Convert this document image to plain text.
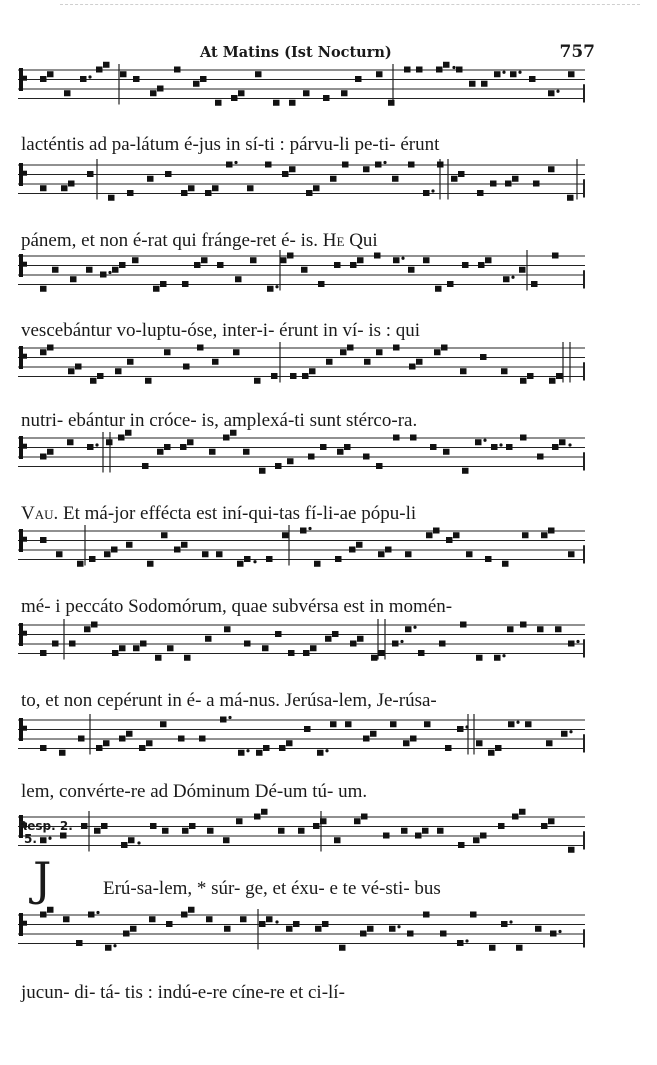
At Matins (Ist Nocturn)	757
lacténtis ad pa-látum é-jus in sí-ti : párvu-li pe-ti- érunt
pánem, et non é-rat qui fránge-ret é- is. He Qui
vescebántur vo-luptu-óse, inter-i- érunt in ví- is : qui
nutri- ebántur in cróce- is, amplexá-ti sunt stérco-ra.
Vau. Et má-jor effécta est iní-qui-tas fí-li-ae pópu-li
mé- i peccáto Sodomórum, quae subvérsa est in momén-
to, et non cepérunt in é- a má-nus. Jerúsa-lem, Je-rúsa-
lem, convérte-re ad Dóminum Dé-um tú- um.
Resp. 2.
5.
J	Erú-sa-lem, * súr- ge, et éxu- e te vé-sti- bus
jucun- di- tá- tis : indú-e-re cíne-re et ci-lí-
